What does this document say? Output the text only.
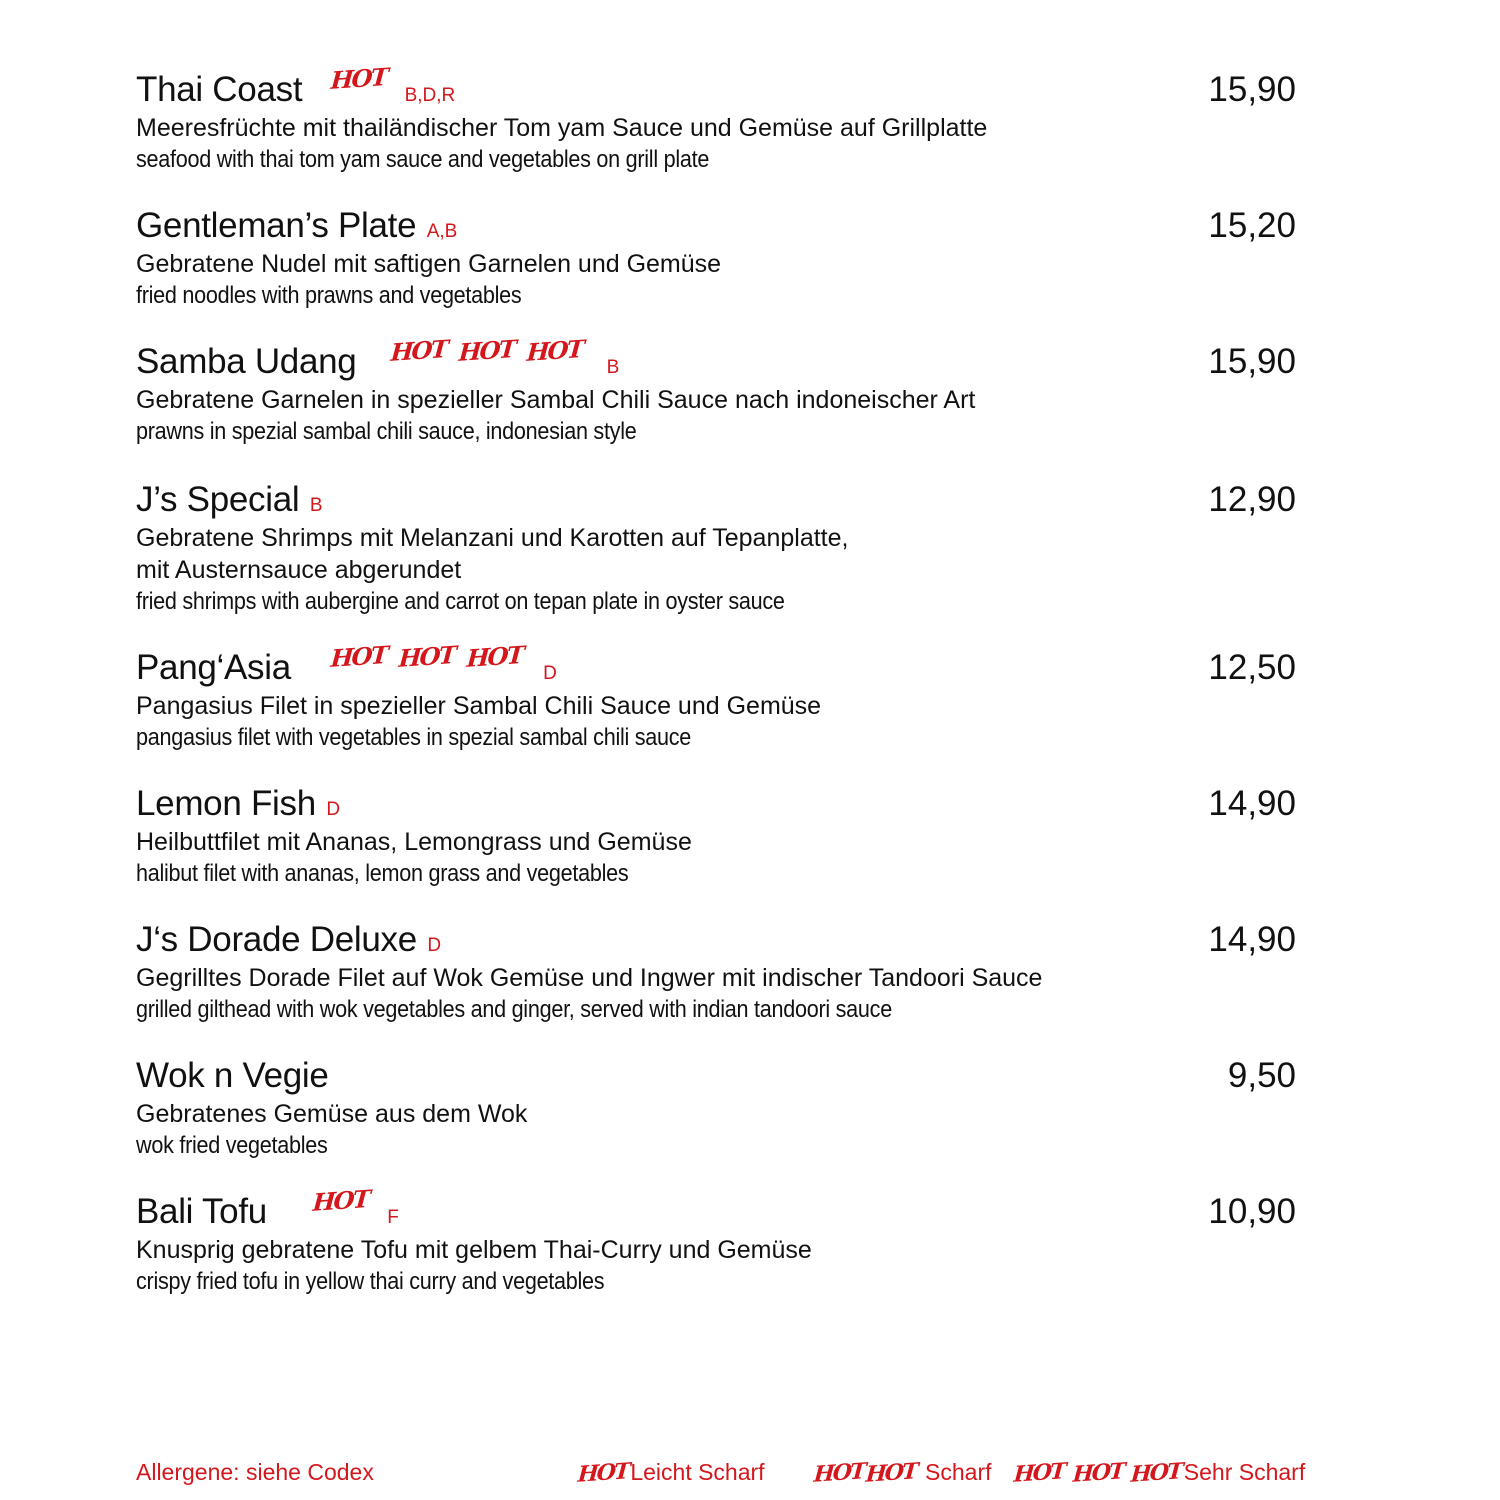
Thai Coast HOT B,D,R	15,90
Meeresfrüchte mit thailändischer Tom yam Sauce und Gemüse auf Grillplatte
seafood with thai tom yam sauce and vegetables on grill plate
Gentleman’s Plate A,B	15,20
Gebratene Nudel mit saftigen Garnelen und Gemüse
fried noodles with prawns and vegetables
Samba Udang HOT HOT HOT B	15,90
Gebratene Garnelen in spezieller Sambal Chili Sauce nach indoneischer Art
prawns in spezial sambal chili sauce, indonesian style
J’s Special B	12,90
Gebratene Shrimps mit Melanzani und Karotten auf Tepanplatte,
mit Austernsauce abgerundet
fried shrimps with aubergine and carrot on tepan plate in oyster sauce
Pang‘Asia HOT HOT HOT D	12,50
Pangasius Filet in spezieller Sambal Chili Sauce und Gemüse
pangasius filet with vegetables in spezial sambal chili sauce
Lemon Fish D	14,90
Heilbuttfilet mit Ananas, Lemongrass und Gemüse
halibut filet with ananas, lemon grass and vegetables
J‘s Dorade Deluxe D	14,90
Gegrilltes Dorade Filet auf Wok Gemüse und Ingwer mit indischer Tandoori Sauce
grilled gilthead with wok vegetables and ginger, served with indian tandoori sauce
Wok n Vegie	9,50
Gebratenes Gemüse aus dem Wok
wok fried vegetables
Bali Tofu HOT F	10,90
Knusprig gebratene Tofu mit gelbem Thai-Curry und Gemüse
crispy fried tofu in yellow thai curry and vegetables
Allergene: siehe Codex	HOTLeicht Scharf HOTHOT Scharf HOT HOT HOTSehr Scharf
